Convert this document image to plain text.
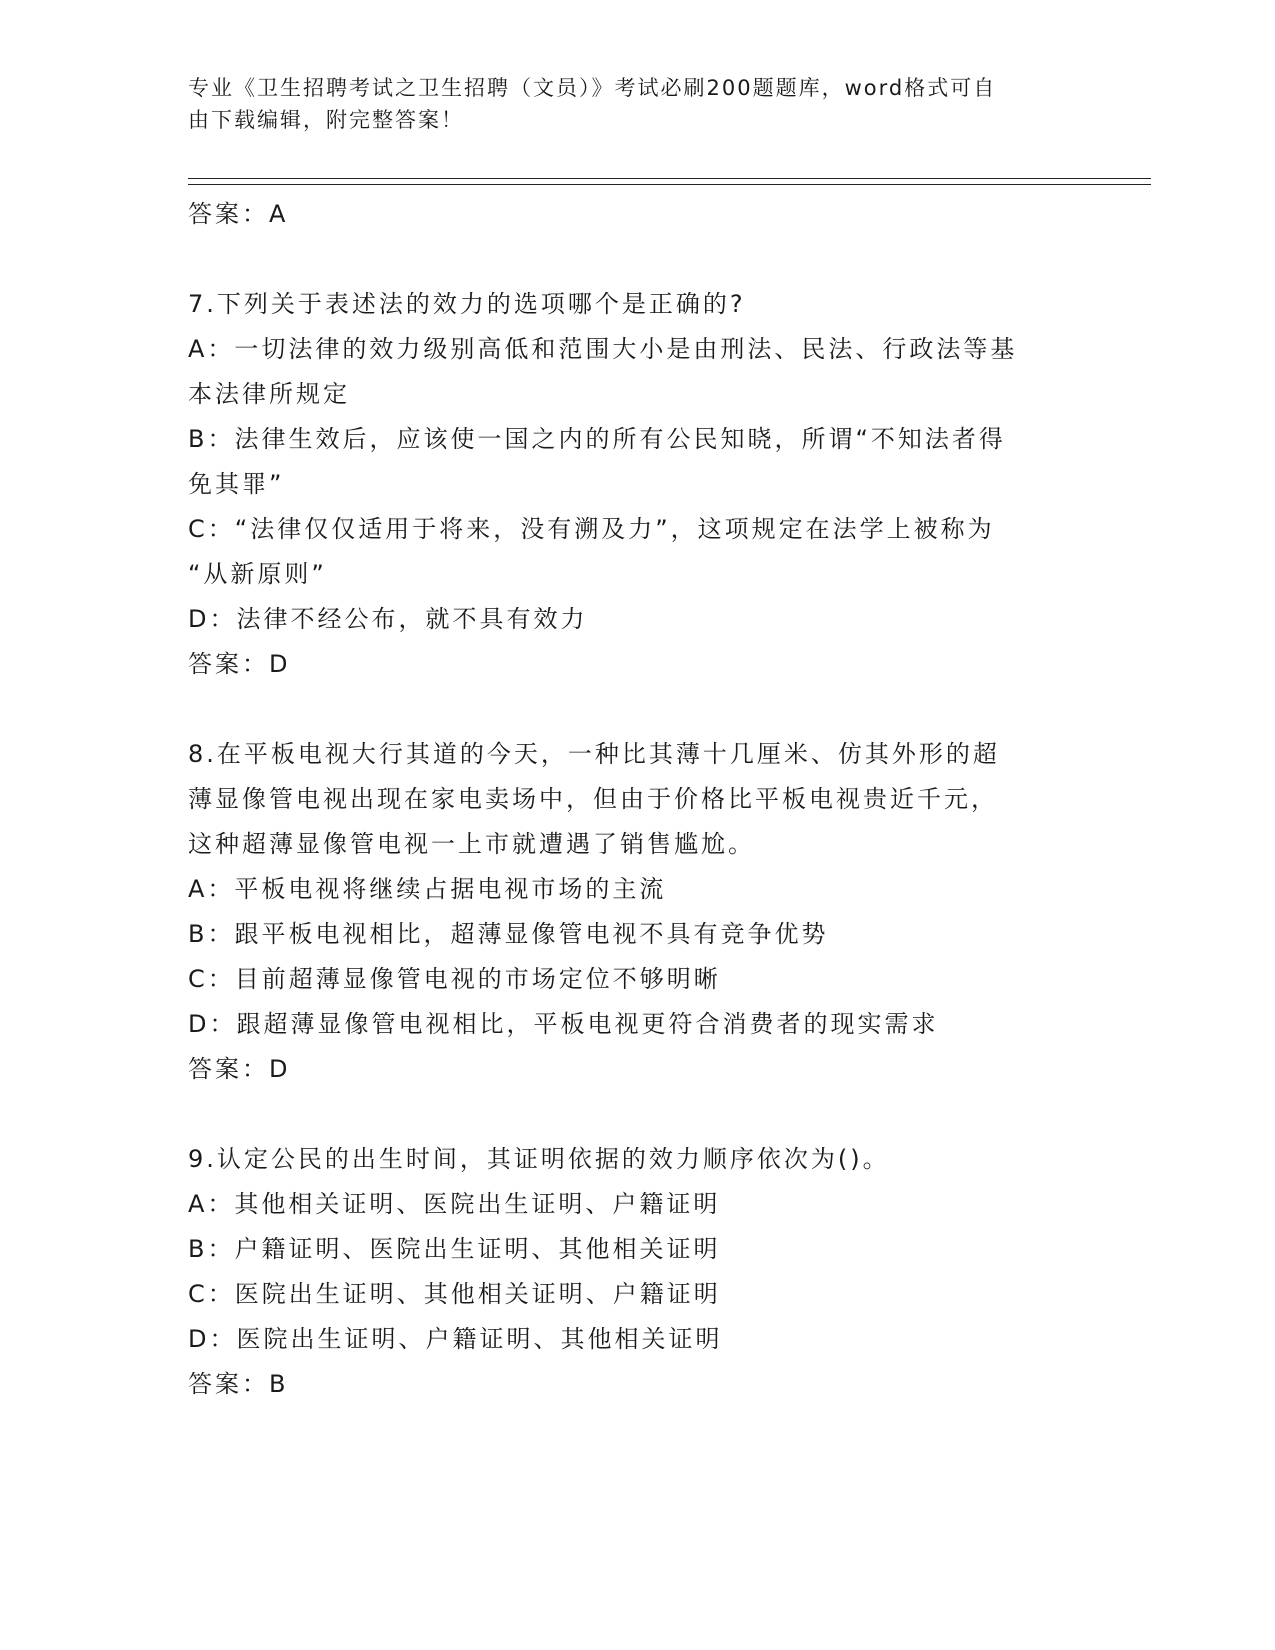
专业《卫生招聘考试之卫生招聘（文员）》考试必刷200题题库，word格式可自
由下载编辑，附完整答案！
答案：A
7.下列关于表述法的效力的选项哪个是正确的?
A：一切法律的效力级别高低和范围大小是由刑法、民法、行政法等基
本法律所规定
B：法律生效后，应该使一国之内的所有公民知晓，所谓“不知法者得
免其罪”
C：“法律仅仅适用于将来，没有溯及力”，这项规定在法学上被称为
“从新原则”
D：法律不经公布，就不具有效力
答案：D
8.在平板电视大行其道的今天，一种比其薄十几厘米、仿其外形的超
薄显像管电视出现在家电卖场中，但由于价格比平板电视贵近千元，
这种超薄显像管电视一上市就遭遇了销售尴尬。
A：平板电视将继续占据电视市场的主流
B：跟平板电视相比，超薄显像管电视不具有竞争优势
C：目前超薄显像管电视的市场定位不够明晰
D：跟超薄显像管电视相比，平板电视更符合消费者的现实需求
答案：D
9.认定公民的出生时间，其证明依据的效力顺序依次为()。
A：其他相关证明、医院出生证明、户籍证明
B：户籍证明、医院出生证明、其他相关证明
C：医院出生证明、其他相关证明、户籍证明
D：医院出生证明、户籍证明、其他相关证明
答案：B
